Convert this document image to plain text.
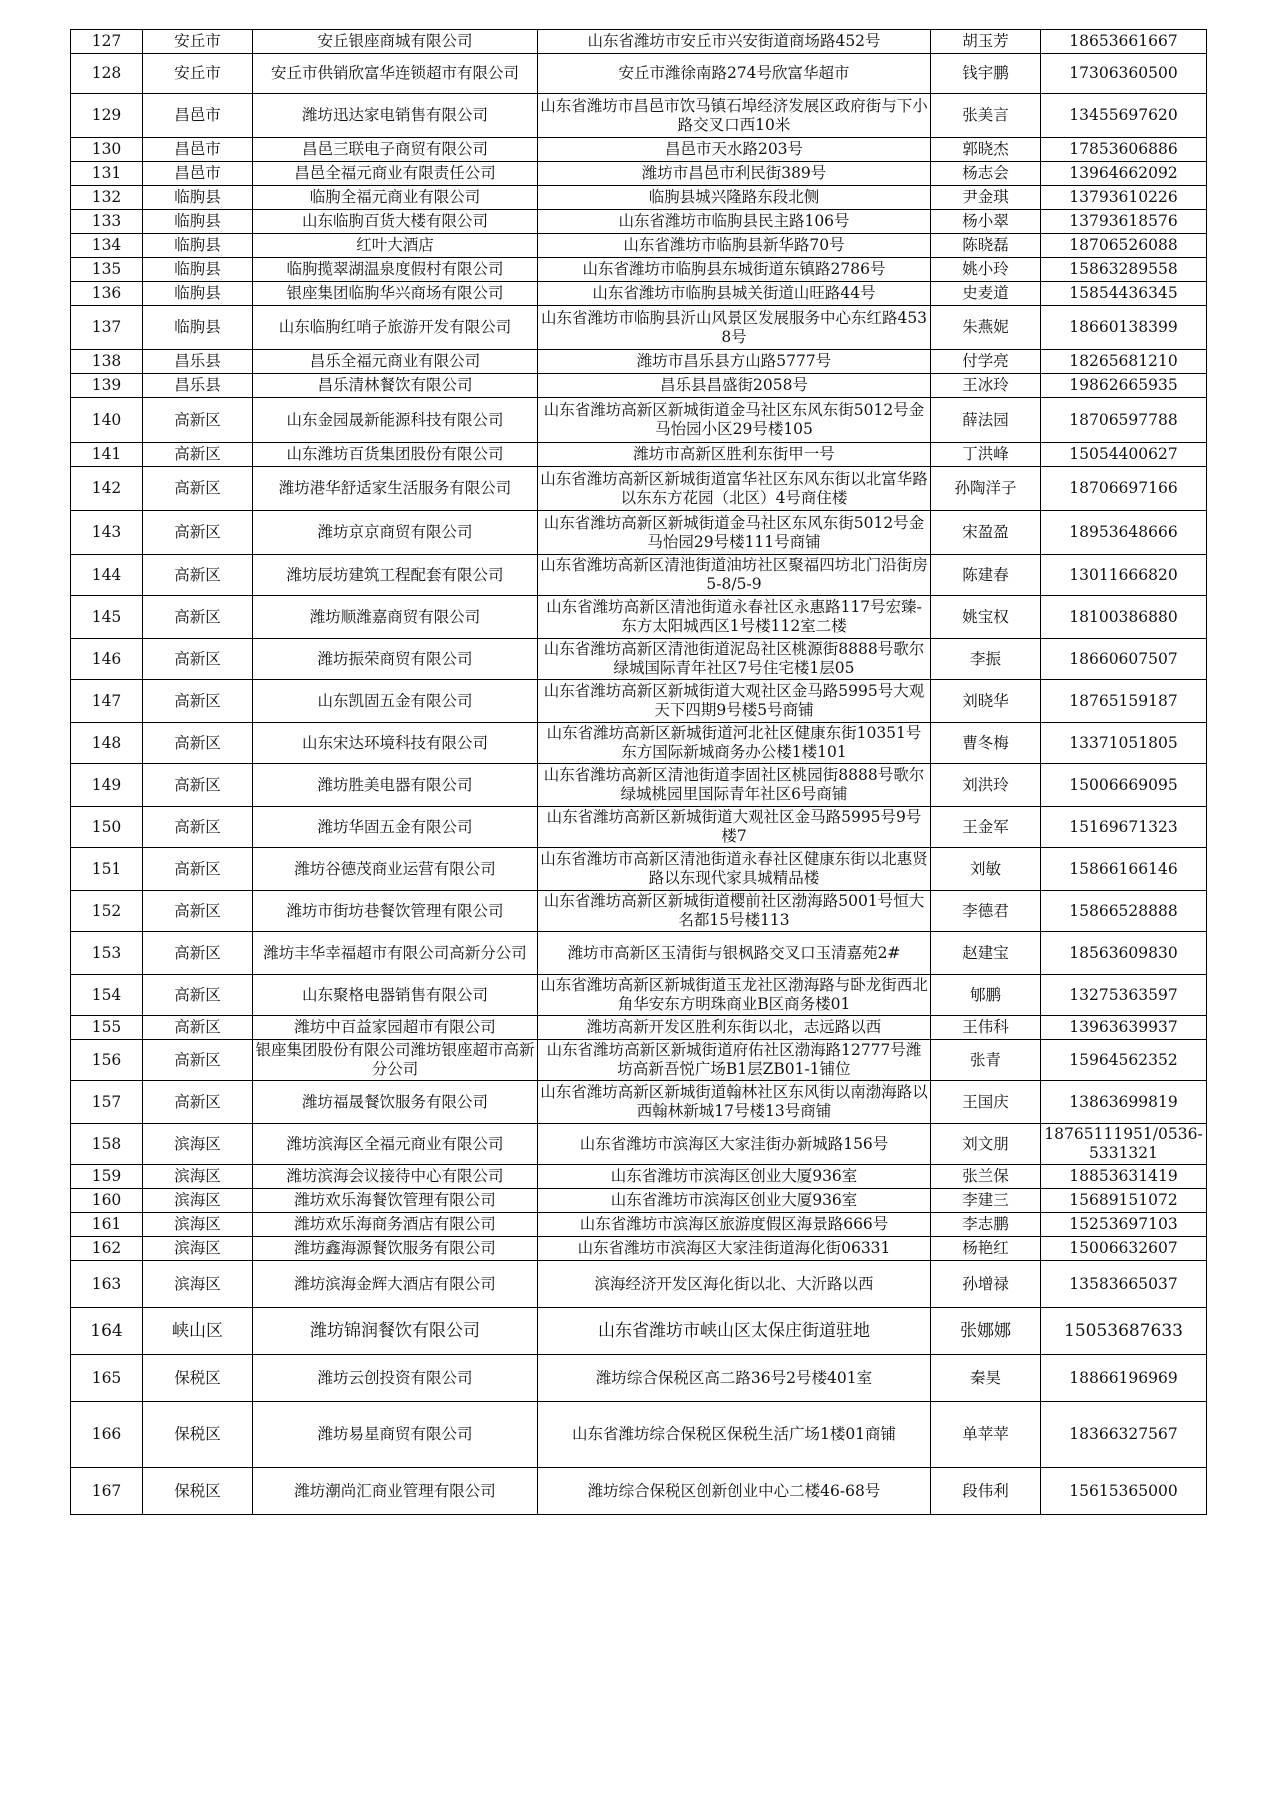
127	安丘市	安丘银座商城有限公司	山东省潍坊市安丘市兴安街道商场路452号	胡玉芳	18653661667
128	安丘市	安丘市供销欣富华连锁超市有限公司	安丘市潍徐南路274号欣富华超市	钱宇鹏	17306360500
129	昌邑市	潍坊迅达家电销售有限公司	山东省潍坊市昌邑市饮马镇石埠经济发展区政府街与下小路交叉口西10米	张美言	13455697620
130	昌邑市	昌邑三联电子商贸有限公司	昌邑市天水路203号	郭晓杰	17853606886
131	昌邑市	昌邑全福元商业有限责任公司	潍坊市昌邑市利民街389号	杨志会	13964662092
132	临朐县	临朐全福元商业有限公司	临朐县城兴隆路东段北侧	尹金琪	13793610226
133	临朐县	山东临朐百货大楼有限公司	山东省潍坊市临朐县民主路106号	杨小翠	13793618576
134	临朐县	红叶大酒店	山东省潍坊市临朐县新华路70号	陈晓磊	18706526088
135	临朐县	临朐揽翠湖温泉度假村有限公司	山东省潍坊市临朐县东城街道东镇路2786号	姚小玲	15863289558
136	临朐县	银座集团临朐华兴商场有限公司	山东省潍坊市临朐县城关街道山旺路44号	史麦道	15854436345
137	临朐县	山东临朐红哨子旅游开发有限公司	山东省潍坊市临朐县沂山风景区发展服务中心东红路4538号	朱燕妮	18660138399
138	昌乐县	昌乐全福元商业有限公司	潍坊市昌乐县方山路5777号	付学亮	18265681210
139	昌乐县	昌乐清林餐饮有限公司	昌乐县昌盛街2058号	王冰玲	19862665935
140	高新区	山东金园晟新能源科技有限公司	山东省潍坊高新区新城街道金马社区东风东街5012号金马怡园小区29号楼105	薛法园	18706597788
141	高新区	山东潍坊百货集团股份有限公司	潍坊市高新区胜利东街甲一号	丁洪峰	15054400627
142	高新区	潍坊港华舒适家生活服务有限公司	山东省潍坊高新区新城街道富华社区东风东街以北富华路以东东方花园（北区）4号商住楼	孙陶洋子	18706697166
143	高新区	潍坊京京商贸有限公司	山东省潍坊高新区新城街道金马社区东风东街5012号金马怡园29号楼111号商铺	宋盈盈	18953648666
144	高新区	潍坊辰坊建筑工程配套有限公司	山东省潍坊高新区清池街道油坊社区聚福四坊北门沿街房5-8/5-9	陈建春	13011666820
145	高新区	潍坊顺潍嘉商贸有限公司	山东省潍坊高新区清池街道永春社区永惠路117号宏臻-东方太阳城西区1号楼112室二楼	姚宝权	18100386880
146	高新区	潍坊振荣商贸有限公司	山东省潍坊高新区清池街道泥岛社区桃源街8888号歌尔绿城国际青年社区7号住宅楼1层05	李振	18660607507
147	高新区	山东凯固五金有限公司	山东省潍坊高新区新城街道大观社区金马路5995号大观天下四期9号楼5号商铺	刘晓华	18765159187
148	高新区	山东宋达环境科技有限公司	山东省潍坊高新区新城街道河北社区健康东街10351号东方国际新城商务办公楼1楼101	曹冬梅	13371051805
149	高新区	潍坊胜美电器有限公司	山东省潍坊高新区清池街道李固社区桃园街8888号歌尔绿城桃园里国际青年社区6号商铺	刘洪玲	15006669095
150	高新区	潍坊华固五金有限公司	山东省潍坊高新区新城街道大观社区金马路5995号9号楼7	王金军	15169671323
151	高新区	潍坊谷德茂商业运营有限公司	山东省潍坊市高新区清池街道永春社区健康东街以北惠贤路以东现代家具城精品楼	刘敏	15866166146
152	高新区	潍坊市街坊巷餐饮管理有限公司	山东省潍坊高新区新城街道樱前社区渤海路5001号恒大名都15号楼113	李德君	15866528888
153	高新区	潍坊丰华幸福超市有限公司高新分公司	潍坊市高新区玉清街与银枫路交叉口玉清嘉苑2#	赵建宝	18563609830
154	高新区	山东聚格电器销售有限公司	山东省潍坊高新区新城街道玉龙社区渤海路与卧龙街西北角华安东方明珠商业B区商务楼01	郇鹏	13275363597
155	高新区	潍坊中百益家园超市有限公司	潍坊高新开发区胜利东街以北，志远路以西	王伟科	13963639937
156	高新区	银座集团股份有限公司潍坊银座超市高新分公司	山东省潍坊高新区新城街道府佑社区渤海路12777号潍坊高新吾悦广场B1层ZB01-1铺位	张青	15964562352
157	高新区	潍坊福晟餐饮服务有限公司	山东省潍坊高新区新城街道翰林社区东风街以南渤海路以西翰林新城17号楼13号商铺	王国庆	13863699819
158	滨海区	潍坊滨海区全福元商业有限公司	山东省潍坊市滨海区大家洼街办新城路156号	刘文朋	18765111951/0536-5331321
159	滨海区	潍坊滨海会议接待中心有限公司	山东省潍坊市滨海区创业大厦936室	张兰保	18853631419
160	滨海区	潍坊欢乐海餐饮管理有限公司	山东省潍坊市滨海区创业大厦936室	李建三	15689151072
161	滨海区	潍坊欢乐海商务酒店有限公司	山东省潍坊市滨海区旅游度假区海景路666号	李志鹏	15253697103
162	滨海区	潍坊鑫海源餐饮服务有限公司	山东省潍坊市滨海区大家洼街道海化街06331	杨艳红	15006632607
163	滨海区	潍坊滨海金辉大酒店有限公司	滨海经济开发区海化街以北、大沂路以西	孙增禄	13583665037
164	峡山区	潍坊锦润餐饮有限公司	山东省潍坊市峡山区太保庄街道驻地	张娜娜	15053687633
165	保税区	潍坊云创投资有限公司	潍坊综合保税区高二路36号2号楼401室	秦昊	18866196969
166	保税区	潍坊易星商贸有限公司	山东省潍坊综合保税区保税生活广场1楼01商铺	单苹苹	18366327567
167	保税区	潍坊潮尚汇商业管理有限公司	潍坊综合保税区创新创业中心二楼46-68号	段伟利	15615365000
